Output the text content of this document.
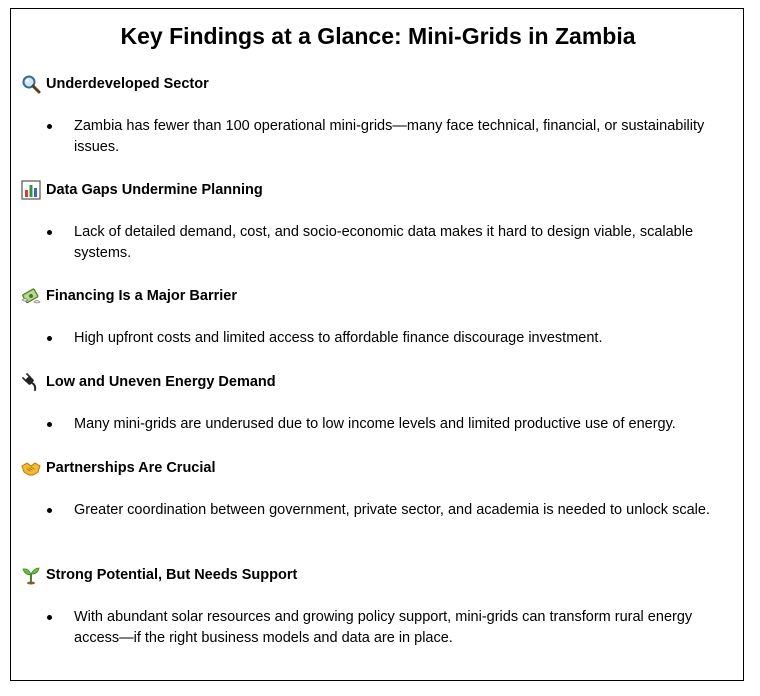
Key Findings at a Glance: Mini-Grids in Zambia
Underdeveloped Sector
Zambia has fewer than 100 operational mini-grids—many face technical, financial, or sustainability issues.
Data Gaps Undermine Planning
Lack of detailed demand, cost, and socio-economic data makes it hard to design viable, scalable systems.
Financing Is a Major Barrier
High upfront costs and limited access to affordable finance discourage investment.
Low and Uneven Energy Demand
Many mini-grids are underused due to low income levels and limited productive use of energy.
Partnerships Are Crucial
Greater coordination between government, private sector, and academia is needed to unlock scale.
Strong Potential, But Needs Support
With abundant solar resources and growing policy support, mini-grids can transform rural energy access—if the right business models and data are in place.
